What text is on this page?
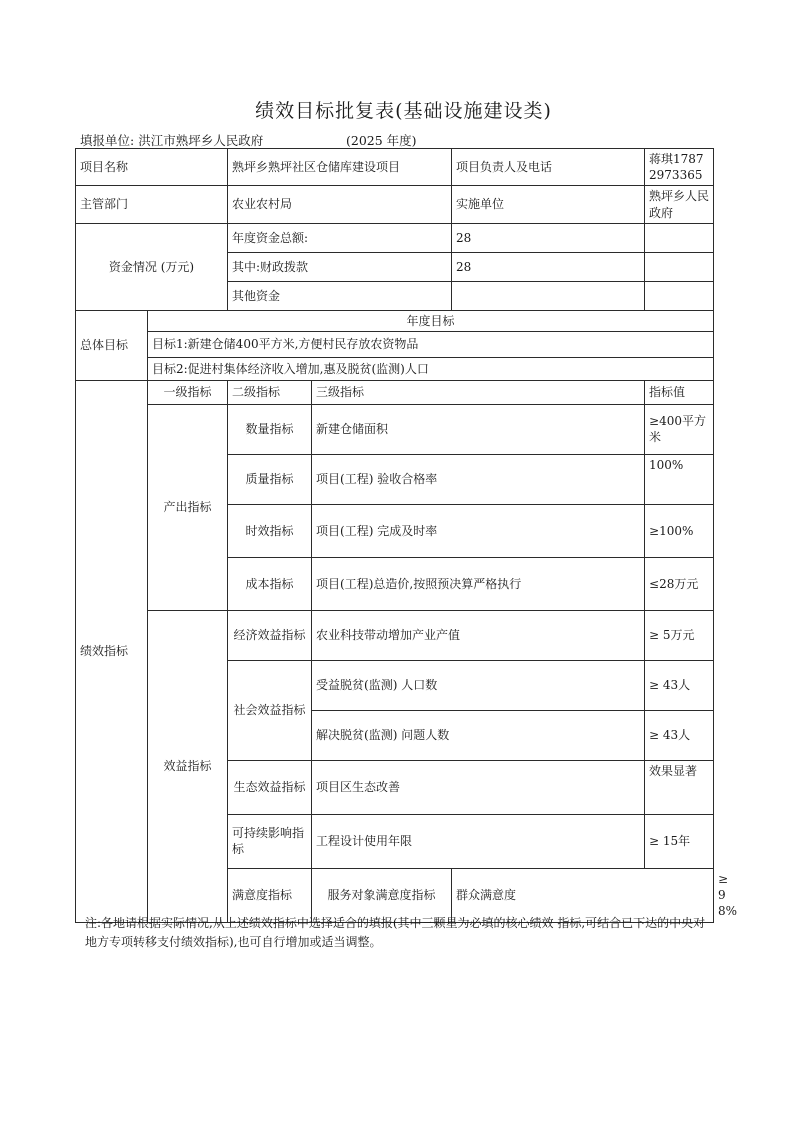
绩效目标批复表(基础设施建设类)
填报单位: 洪江市熟坪乡人民政府	(2025 年度)
项目名称		熟坪乡熟坪社区仓储库建设项目		项目负责人及电话	蒋琪17872973365	
主管部门		农业农村局		实施单位	熟坪乡人民政府	
资金情况 (万元)		年度资金总额:		28		
		其中:财政拨款		28		
		其他资金				
总体目标	年度目标					
	目标1:新建仓储400平方米,方便村民存放农资物品					
	目标2:促进村集体经济收入增加,惠及脱贫(监测)人口					
绩效指标	一级指标	二级指标	三级指标		指标值	
	产出指标	数量指标	新建仓储面积		≥400平方米	
		质量指标	项目(工程) 验收合格率		100%	
		时效指标	项目(工程) 完成及时率		≥100%	
		成本指标	项目(工程)总造价,按照预决算严格执行		≤28万元	
	效益指标	经济效益指标	农业科技带动增加产业产值		≥ 5万元	
		社会效益指标	受益脱贫(监测) 人口数		≥ 43人	
			解决脱贫(监测) 问题人数		≥ 43人	
		生态效益指标	项目区生态改善		效果显著	
		可持续影响指标	工程设计使用年限		≥ 15年	
		满意度指标	服务对象满意度指标	群众满意度		≥98%
注:各地请根据实际情况,从上述绩效指标中选择适合的填报(其中三颗星为必填的核心绩效 指标,可结合已下达的中央对地方专项转移支付绩效指标),也可自行增加或适当调整。
